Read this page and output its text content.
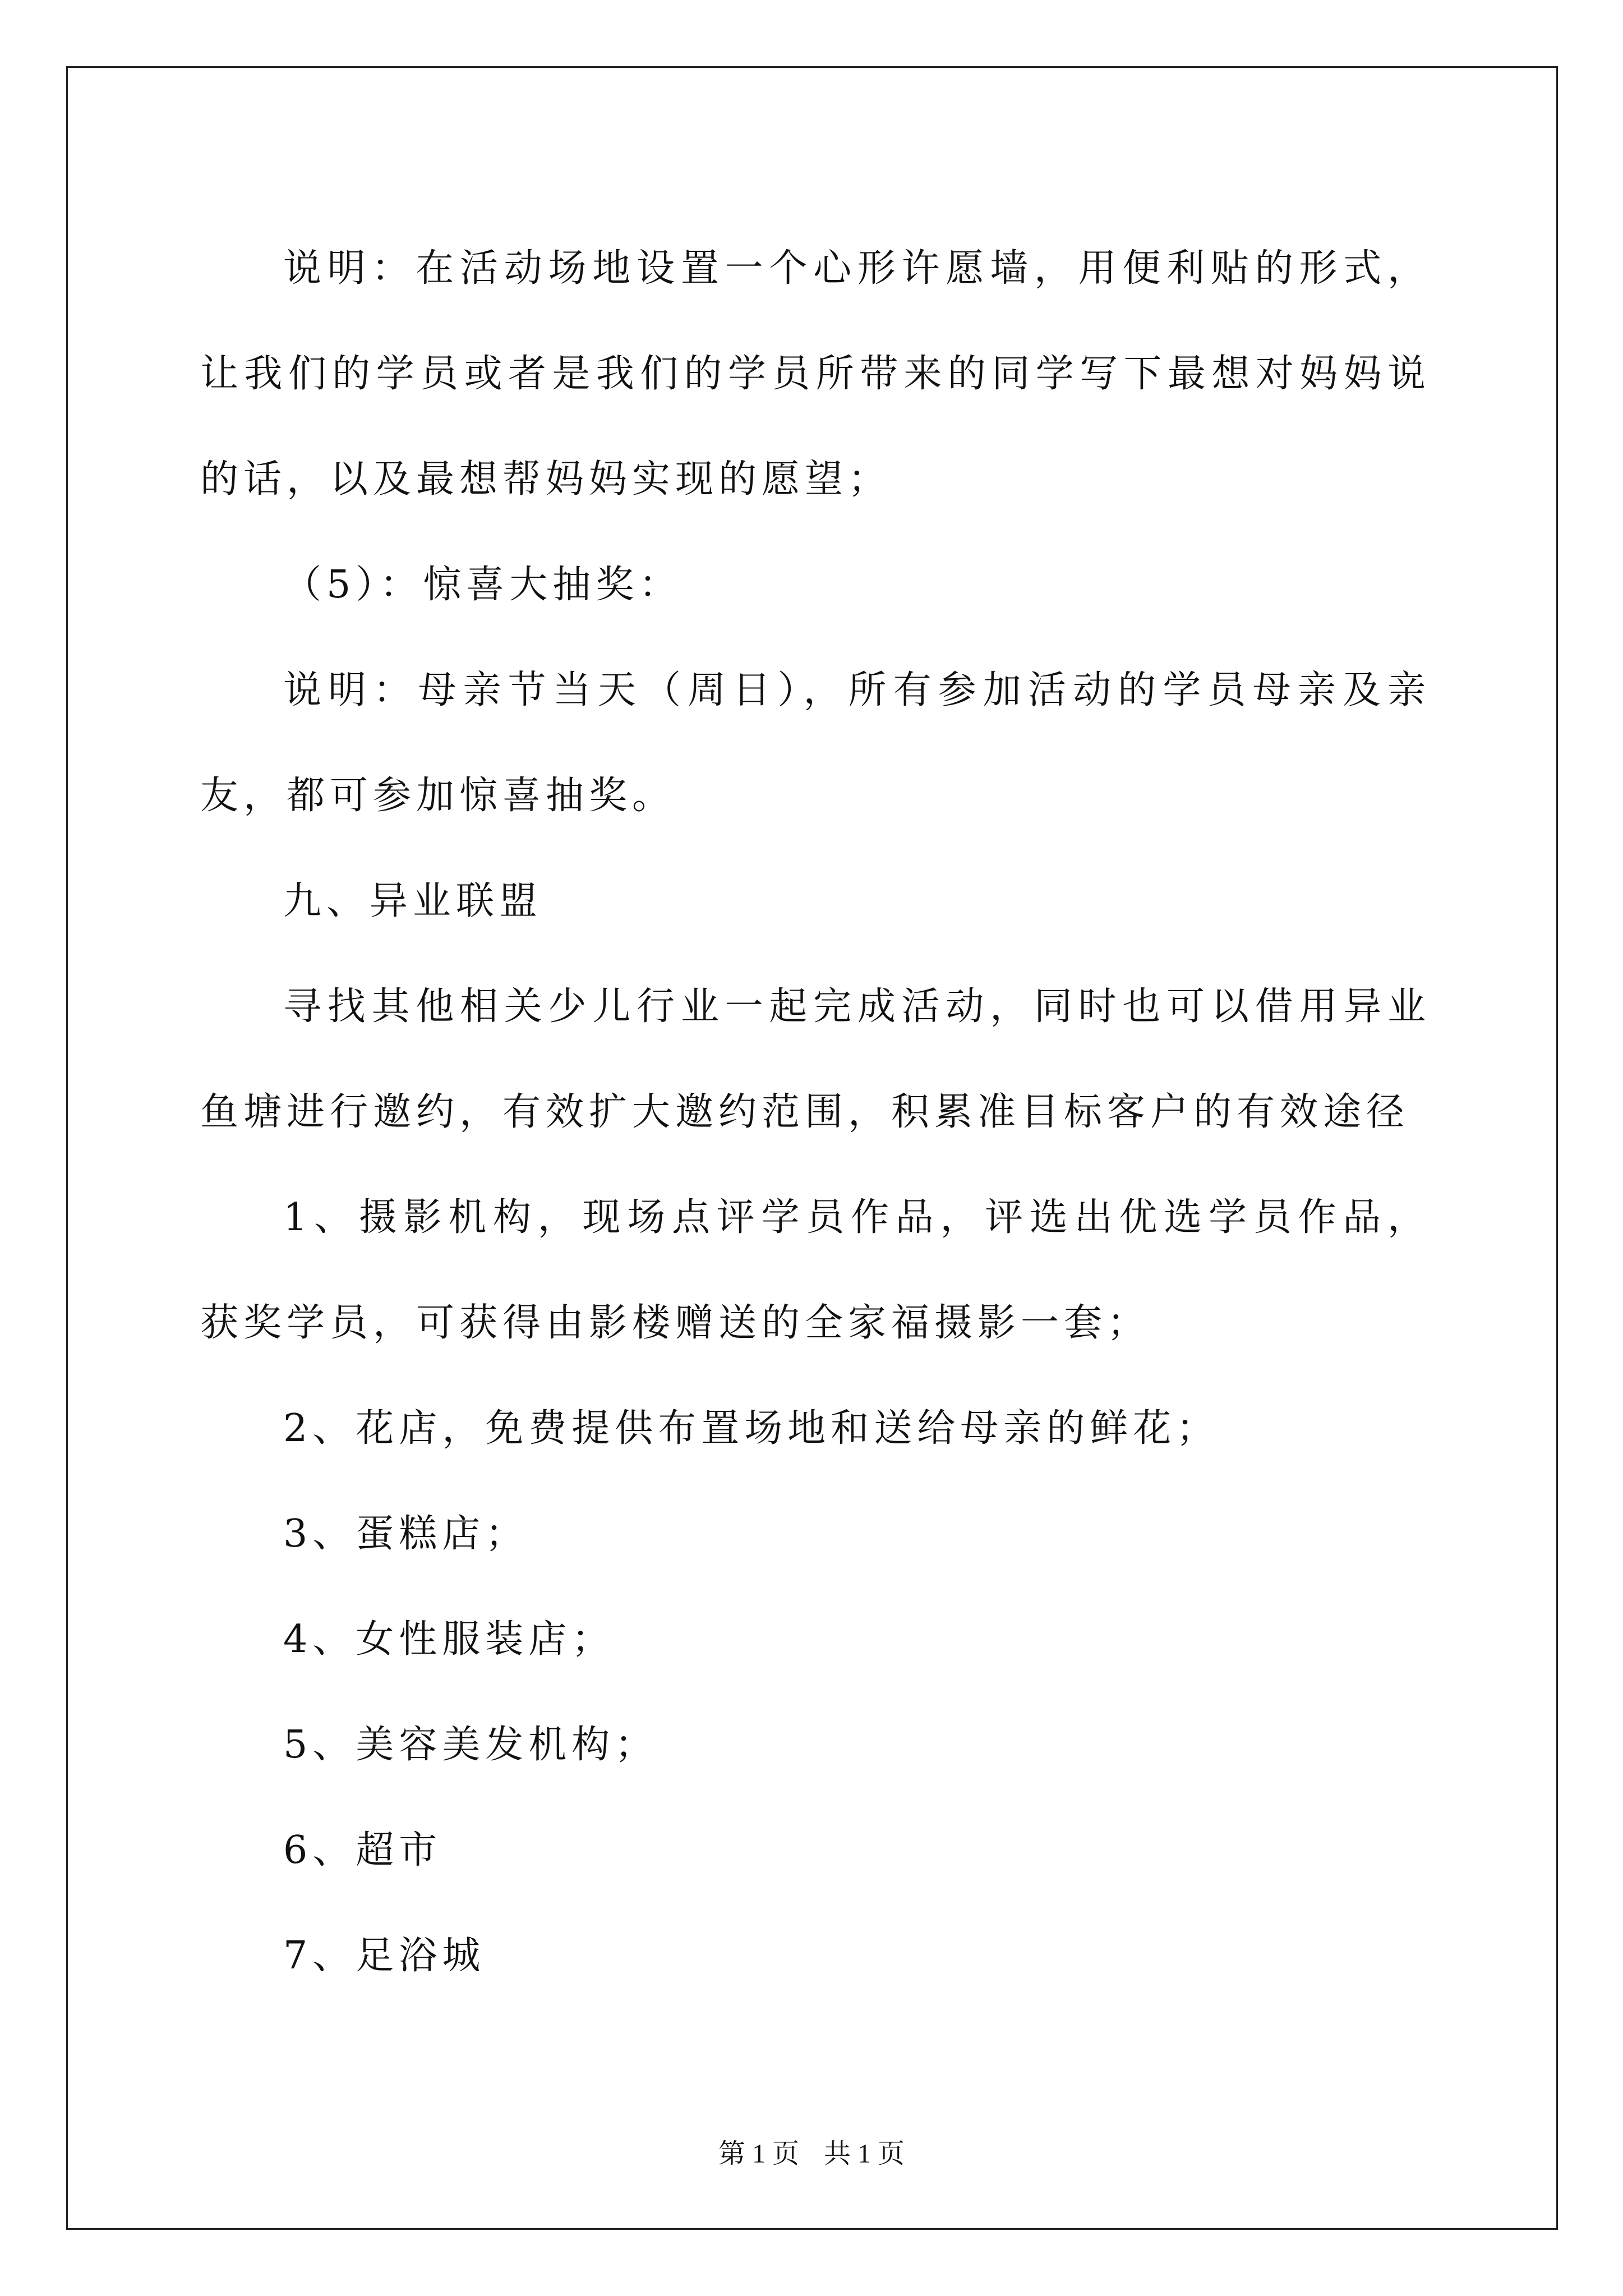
说明：在活动场地设置一个心形许愿墙，用便利贴的形式，让我们的学员或者是我们的学员所带来的同学写下最想对妈妈说的话，以及最想帮妈妈实现的愿望；

（5）：惊喜大抽奖：

说明：母亲节当天（周日），所有参加活动的学员母亲及亲友，都可参加惊喜抽奖。

九、异业联盟

寻找其他相关少儿行业一起完成活动，同时也可以借用异业鱼塘进行邀约，有效扩大邀约范围，积累准目标客户的有效途径

1、摄影机构，现场点评学员作品，评选出优选学员作品，获奖学员，可获得由影楼赠送的全家福摄影一套；

2、花店，免费提供布置场地和送给母亲的鲜花；

3、蛋糕店；

4、女性服装店；

5、美容美发机构；

6、超市

7、足浴城

第 1 页 共 1 页
